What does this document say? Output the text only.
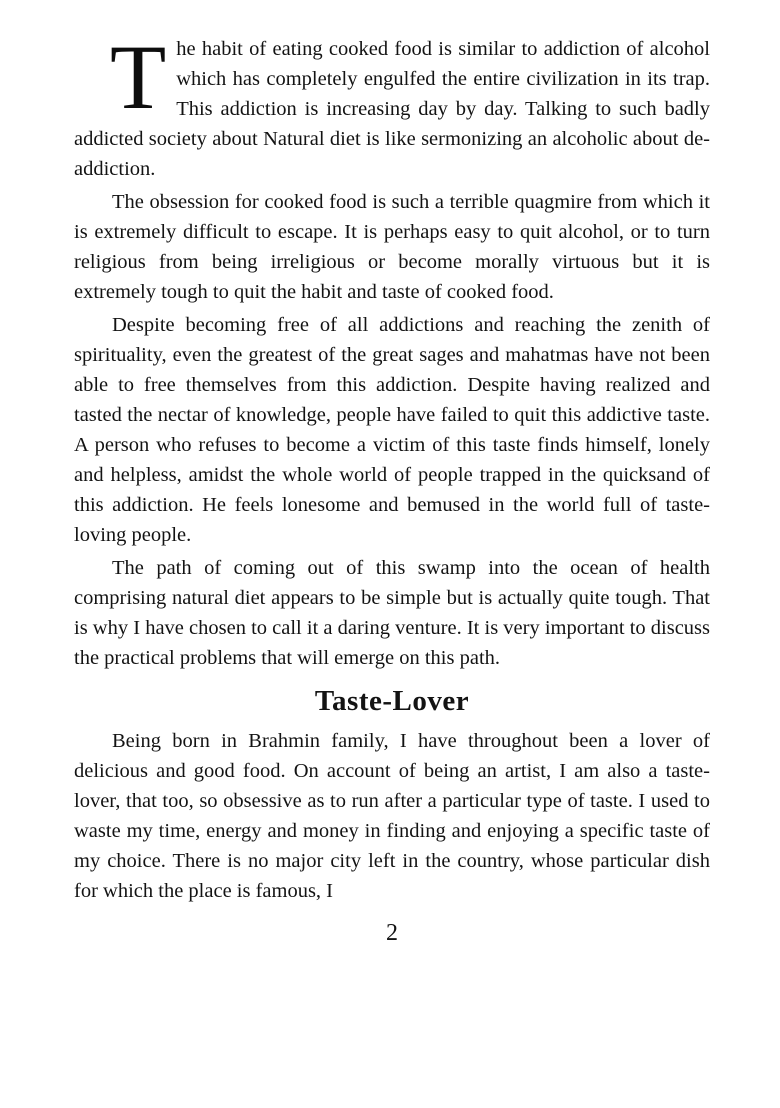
The habit of eating cooked food is similar to addiction of alcohol which has completely engulfed the entire civilization in its trap. This addiction is increasing day by day. Talking to such badly addicted society about Natural diet is like sermonizing an alcoholic about de-addiction.

The obsession for cooked food is such a terrible quagmire from which it is extremely difficult to escape. It is perhaps easy to quit alcohol, or to turn religious from being irreligious or become morally virtuous but it is extremely tough to quit the habit and taste of cooked food.

Despite becoming free of all addictions and reaching the zenith of spirituality, even the greatest of the great sages and mahatmas have not been able to free themselves from this addiction. Despite having realized and tasted the nectar of knowledge, people have failed to quit this addictive taste. A person who refuses to become a victim of this taste finds himself, lonely and helpless, amidst the whole world of people trapped in the quicksand of this addiction. He feels lonesome and bemused in the world full of taste-loving people.

The path of coming out of this swamp into the ocean of health comprising natural diet appears to be simple but is actually quite tough. That is why I have chosen to call it a daring venture. It is very important to discuss the practical problems that will emerge on this path.

Taste-Lover

Being born in Brahmin family, I have throughout been a lover of delicious and good food. On account of being an artist, I am also a taste-lover, that too, so obsessive as to run after a particular type of taste. I used to waste my time, energy and money in finding and enjoying a specific taste of my choice. There is no major city left in the country, whose particular dish for which the place is famous, I

2
